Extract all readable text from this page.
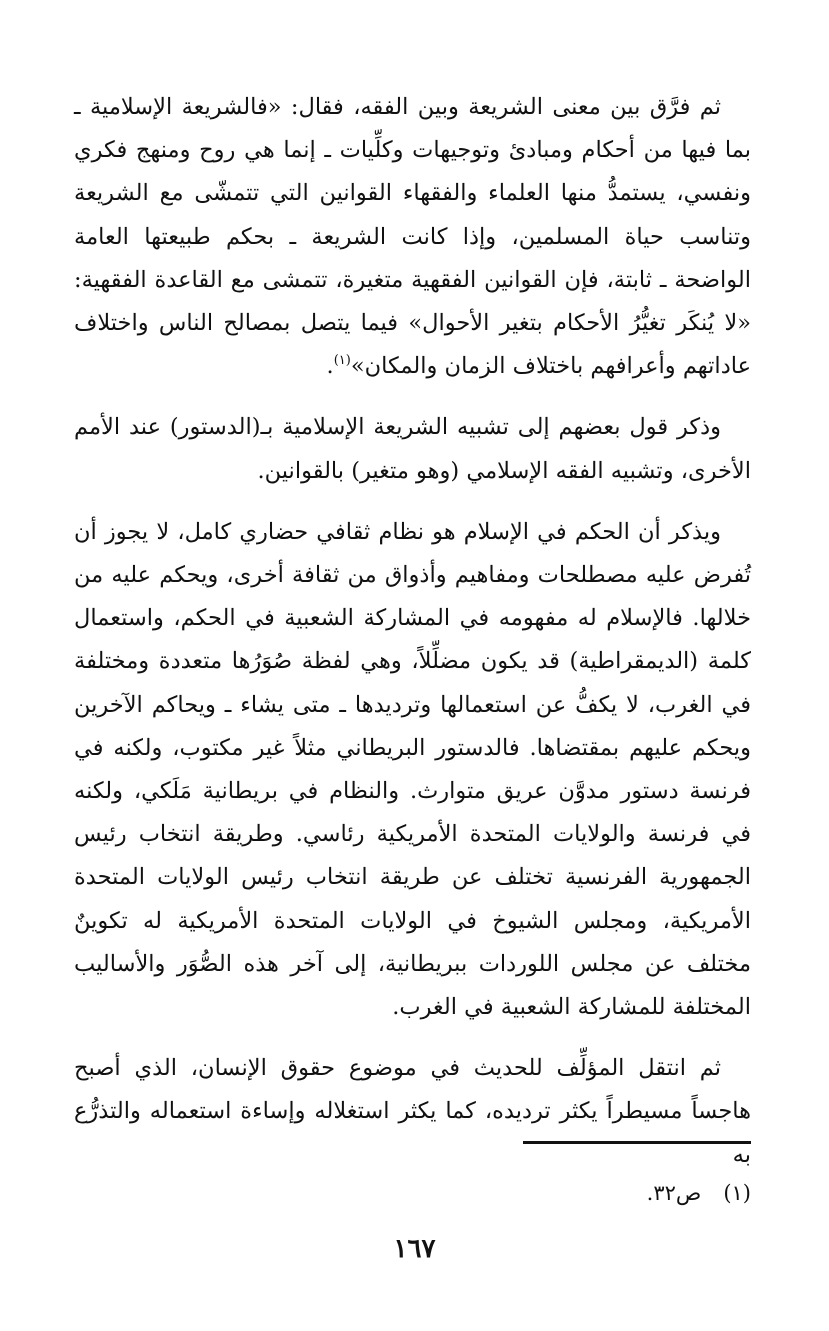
ثم فرَّق بين معنى الشريعة وبين الفقه، فقال: «فالشريعة الإسلامية ـ بما فيها من أحكام ومبادئ وتوجيهات وكلِّيات ـ إنما هي روح ومنهج فكري ونفسي، يستمدُّ منها العلماء والفقهاء القوانين التي تتمشّى مع الشريعة وتناسب حياة المسلمين، وإذا كانت الشريعة ـ بحكم طبيعتها العامة الواضحة ـ ثابتة، فإن القوانين الفقهية متغيرة، تتمشى مع القاعدة الفقهية: «لا يُنكَر تغيُّرُ الأحكام بتغير الأحوال» فيما يتصل بمصالح الناس واختلاف عاداتهم وأعرافهم باختلاف الزمان والمكان»$^{(١)}$.

وذكر قول بعضهم إلى تشبيه الشريعة الإسلامية بـ(الدستور) عند الأمم الأخرى، وتشبيه الفقه الإسلامي (وهو متغير) بالقوانين.

ويذكر أن الحكم في الإسلام هو نظام ثقافي حضاري كامل، لا يجوز أن تُفرض عليه مصطلحات ومفاهيم وأذواق من ثقافة أخرى، ويحكم عليه من خلالها. فالإسلام له مفهومه في المشاركة الشعبية في الحكم، واستعمال كلمة (الديمقراطية) قد يكون مضلِّلاً، وهي لفظة صُوَرُها متعددة ومختلفة في الغرب، لا يكفُّ عن استعمالها وترديدها ـ متى يشاء ـ ويحاكم الآخرين ويحكم عليهم بمقتضاها. فالدستور البريطاني مثلاً غير مكتوب، ولكنه في فرنسة دستور مدوَّن عريق متوارث. والنظام في بريطانية مَلَكي، ولكنه في فرنسة والولايات المتحدة الأمريكية رئاسي. وطريقة انتخاب رئيس الجمهورية الفرنسية تختلف عن طريقة انتخاب رئيس الولايات المتحدة الأمريكية، ومجلس الشيوخ في الولايات المتحدة الأمريكية له تكوينٌ مختلف عن مجلس اللوردات ببريطانية، إلى آخر هذه الصُّوَر والأساليب المختلفة للمشاركة الشعبية في الغرب.

ثم انتقل المؤلِّف للحديث في موضوع حقوق الإنسان، الذي أصبح هاجساً مسيطراً يكثر ترديده، كما يكثر استغلاله وإساءة استعماله والتذرُّع به

(١)ص٣٢.
١٦٧
